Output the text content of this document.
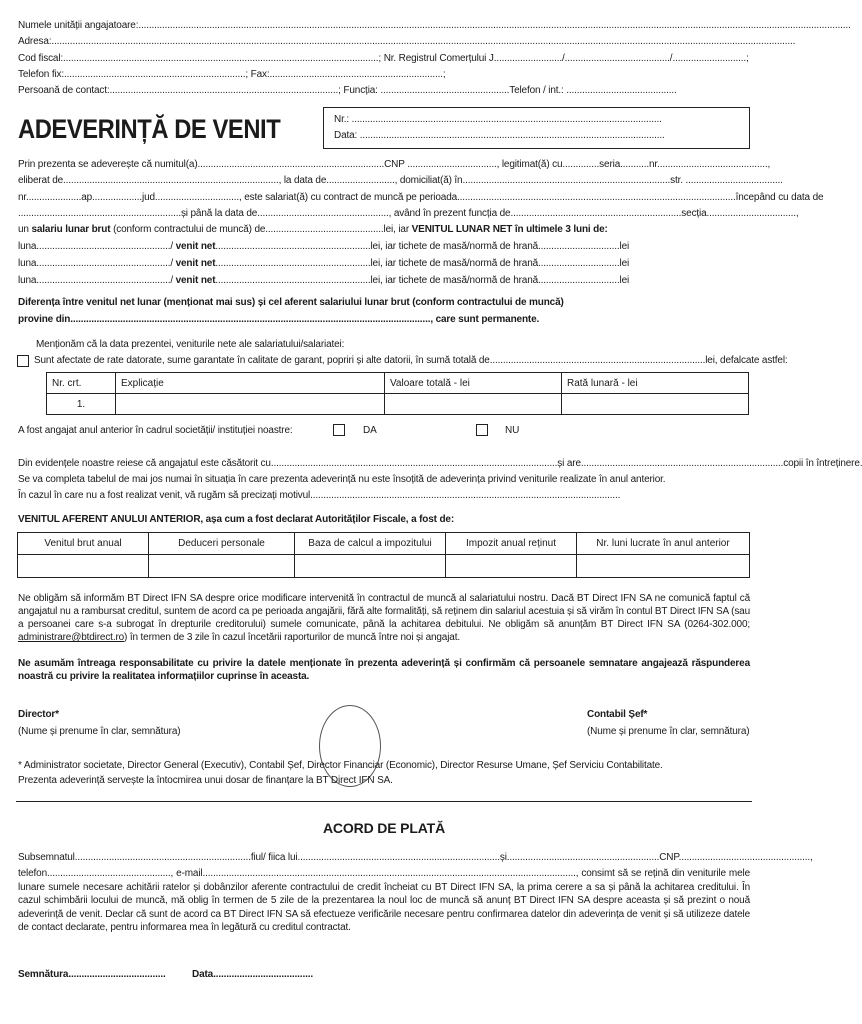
Numele unității angajatoare:...............................................................................................................................................................................................................................................................................
Adresa:...........................................................................................................................................................................................................................................................................................
Cod fiscal:........................................................................................................................; Nr. Registrul Comerțului J........................../......................................../............................;
Telefon fix:.....................................................................; Fax:..................................................................;
Persoană de contact:.......................................................................................; Funcția: .................................................Telefon / int.: ..........................................
ADEVERINȚĂ DE VENIT	Nr.: ......................................................................................................................
Data: ....................................................................................................................
Prin prezenta se adeverește că numitul(a).......................................................................CNP .................................., legitimat(ă) cu..............seria...........nr..........................................,
eliberat de.................................................................................., la data de.........................., domiciliat(ă) în...............................................................................str. .....................................
nr.....................ap...................jud................................, este salariat(ă) cu contract de muncă pe perioada..........................................................................................................începând cu data de
..............................................................și până la data de.................................................., având în prezent funcția de.................................................................secția..................................,
un salariu lunar brut (conform contractului de muncă) de.............................................lei, iar VENITUL LUNAR NET în ultimele 3 luni de:
luna.................................................../ venit net...........................................................lei, iar tichete de masă/normă de hrană...............................lei
luna.................................................../ venit net...........................................................lei, iar tichete de masă/normă de hrană...............................lei
luna.................................................../ venit net...........................................................lei, iar tichete de masă/normă de hrană...............................lei
Diferența între venitul net lunar (menționat mai sus) și cel aferent salariului lunar brut (conform contractului de muncă)
provine din........................................................................................................................................., care sunt permanente.
Menționăm că la data prezentei, veniturile nete ale salariatului/salariatei:
Sunt afectate de rate datorate, sume garantate în calitate de garant, popriri și alte datorii, în sumă totală de..................................................................................lei, defalcate astfel:
Nr. crt.	Explicație	Valoare totală - lei	Rată lunară - lei
1.			
A fost angajat anul anterior în cadrul societății/ instituției noastre:	DA	NU
Din evidențele noastre reiese că angajatul este căsătorit cu.............................................................................................................și are.............................................................................copii în întreținere.
Se va completa tabelul de mai jos numai în situația în care prezenta adeverință nu este însoțită de adeverința privind veniturile realizate în anul anterior.
În cazul în care nu a fost realizat venit, vă rugăm să precizați motivul......................................................................................................................
VENITUL AFERENT ANULUI ANTERIOR, așa cum a fost declarat Autorităților Fiscale, a fost de:
Venitul brut anual	Deduceri personale	Baza de calcul a impozitului	Impozit anual reținut	Nr. luni lucrate în anul anterior

Ne obligăm să informăm BT Direct IFN SA despre orice modificare intervenită în contractul de muncă al salariatului nostru. Dacă BT Direct IFN SA ne comunică faptul că angajatul nu a rambursat creditul, suntem de acord ca pe perioada angajării, fără alte formalități, să reținem din salariul acestuia și să virăm în contul BT Direct IFN SA (sau a persoanei care s-a subrogat în drepturile creditorului) sumele comunicate, până la achitarea debitului. Ne obligăm să anunțăm BT Direct IFN SA (0264-302.000; administrare@btdirect.ro) în termen de 3 zile în cazul încetării raporturilor de muncă între noi și angajat.
Ne asumăm întreaga responsabilitate cu privire la datele menționate în prezenta adeverință și confirmăm că persoanele semnatare angajează răspunderea noastră cu privire la realitatea informațiilor cuprinse în aceasta.
Director*
(Nume și prenume în clar, semnătura)
Contabil Șef*
(Nume și prenume în clar, semnătura)
* Administrator societate, Director General (Executiv), Contabil Șef, Director Financiar (Economic), Director Resurse Umane, Șef Serviciu Contabilitate.
Prezenta adeverință servește la întocmirea unui dosar de finanțare la BT Direct IFN SA.
ACORD DE PLATĂ
Subsemnatul...................................................................fiul/ fiica lui.............................................................................și..........................................................CNP..................................................,
telefon..............................................., e-mail.............................................................................................................................................., consimt să se rețină din veniturile mele lunare sumele necesare achitării ratelor și dobânzilor aferente contractului de credit încheiat cu BT Direct IFN SA, la prima cerere a sa și până la achitarea creditului. În cazul schimbării locului de muncă, mă oblig în termen de 5 zile de la prezentarea la noul loc de muncă să anunț BT Direct IFN SA despre aceasta și să prezint o nouă adeverință de venit. Declar că sunt de acord ca BT Direct IFN SA să efectueze verificările necesare pentru confirmarea datelor din adeverința de venit și să utilizeze datele de contact declarate, pentru informarea mea în legătură cu creditul contractat.
Semnătura.....................................	Data......................................
